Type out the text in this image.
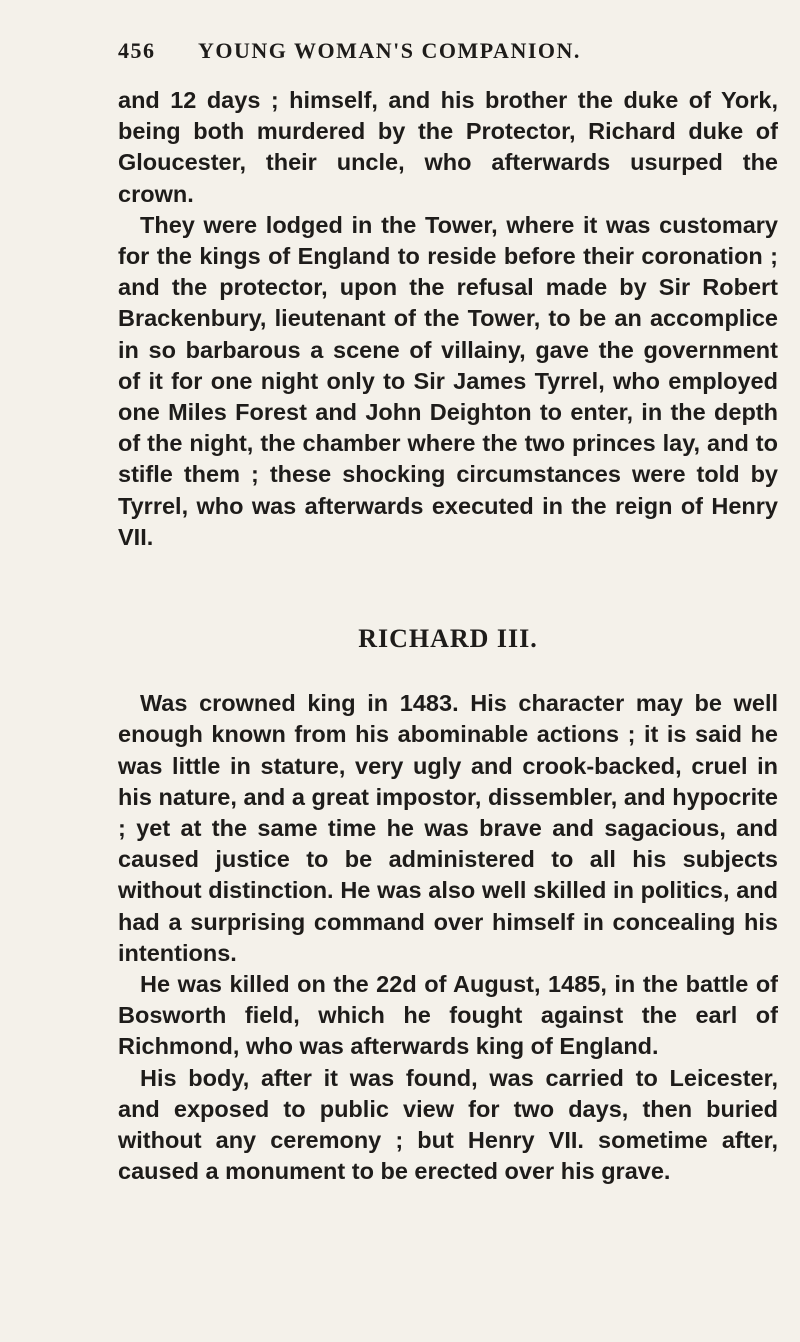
456 YOUNG WOMAN'S COMPANION.

and 12 days ; himself, and his brother the duke of York, being both murdered by the Protector, Richard duke of Gloucester, their uncle, who afterwards usurped the crown.

They were lodged in the Tower, where it was customary for the kings of England to reside before their coronation ; and the protector, upon the refusal made by Sir Robert Brackenbury, lieutenant of the Tower, to be an accomplice in so barbarous a scene of villainy, gave the government of it for one night only to Sir James Tyrrel, who employed one Miles Forest and John Deighton to enter, in the depth of the night, the chamber where the two princes lay, and to stifle them ; these shocking circumstances were told by Tyrrel, who was afterwards executed in the reign of Henry VII.

RICHARD III.

Was crowned king in 1483. His character may be well enough known from his abominable actions ; it is said he was little in stature, very ugly and crook-backed, cruel in his nature, and a great impostor, dissembler, and hypocrite ; yet at the same time he was brave and sagacious, and caused justice to be administered to all his subjects without distinction. He was also well skilled in politics, and had a surprising command over himself in concealing his intentions.

He was killed on the 22d of August, 1485, in the battle of Bosworth field, which he fought against the earl of Richmond, who was afterwards king of England.

His body, after it was found, was carried to Leicester, and exposed to public view for two days, then buried without any ceremony ; but Henry VII. sometime after, caused a monument to be erected over his grave.
